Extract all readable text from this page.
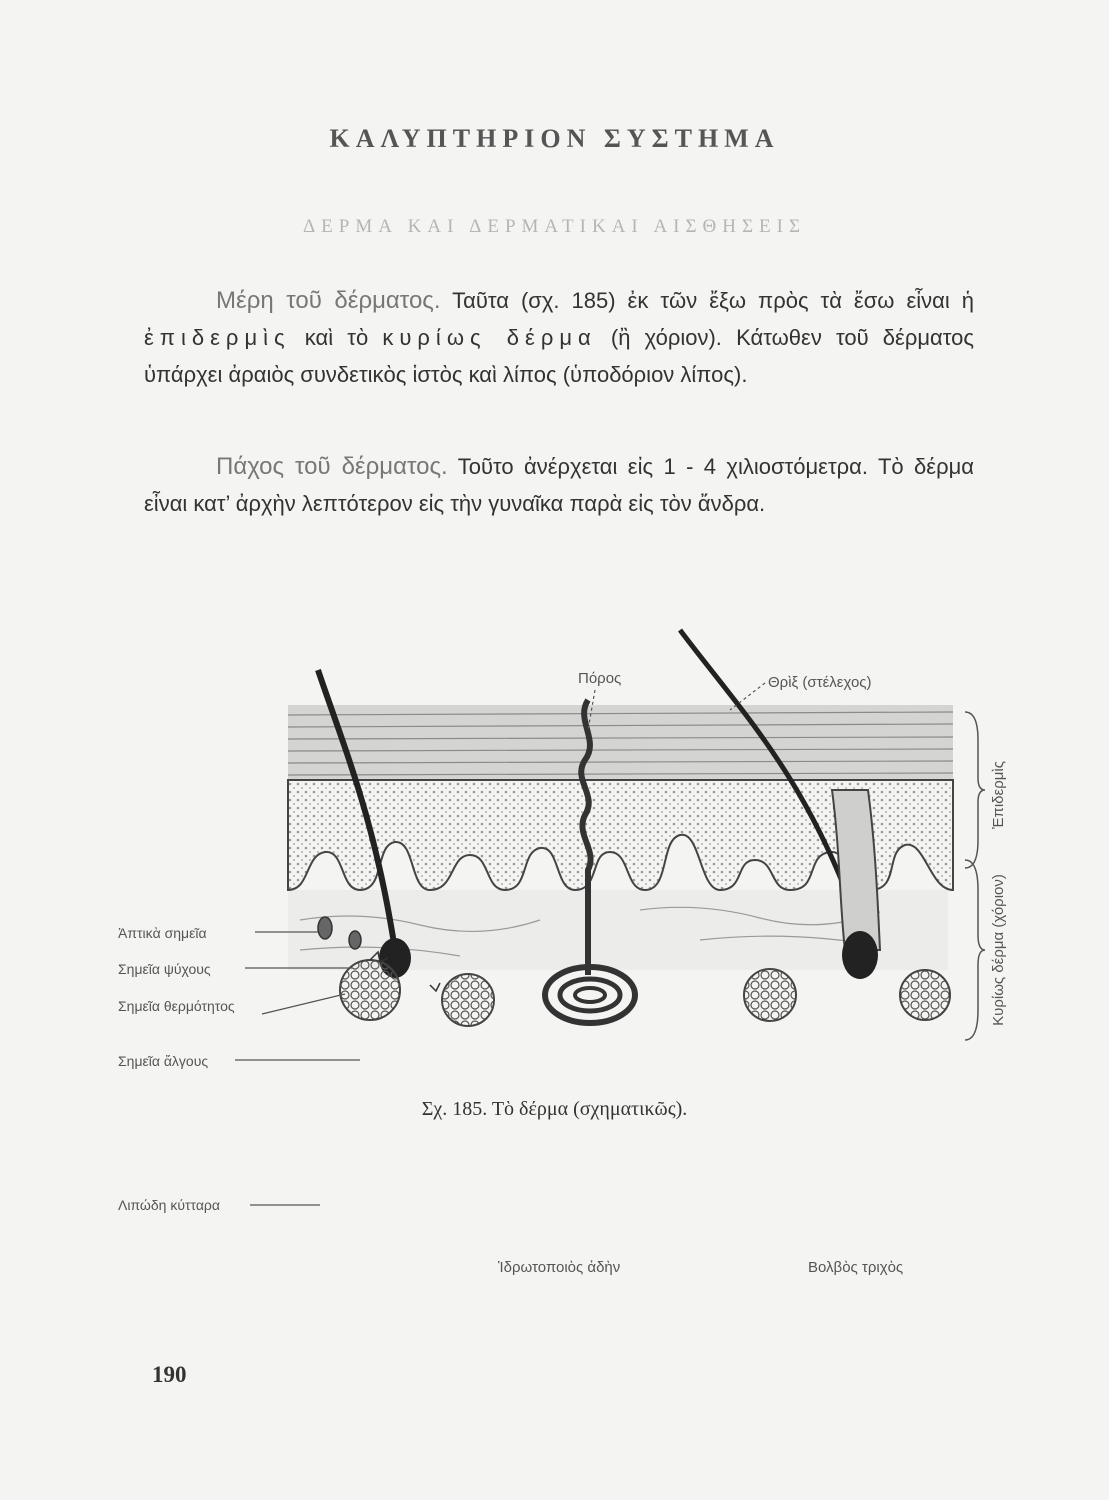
ΚΑΛΥΠΤΗΡΙΟΝ ΣΥΣΤΗΜΑ
ΔΕΡΜΑ ΚΑΙ ΔΕΡΜΑΤΙΚΑΙ ΑΙΣΘΗΣΕΙΣ
Μέρη τοῦ δέρματος. Ταῦτα (σχ. 185) ἐκ τῶν ἔξω πρὸς τὰ ἔσω εἶναι ἡ ἐπιδερμὶς καὶ τὸ κυρίως δέρμα (ἢ χόριον). Κάτωθεν τοῦ δέρματος ὑπάρχει ἀραιὸς συνδετικὸς ἱστὸς καὶ λίπος (ὑποδόριον λίπος).
Πάχος τοῦ δέρματος. Τοῦτο ἀνέρχεται εἰς 1 - 4 χιλιοστόμετρα. Τὸ δέρμα εἶναι κατ’ ἀρχὴν λεπτότερον εἰς τὴν γυναῖκα παρὰ εἰς τὸν ἄνδρα.
Πόρος	Θρὶξ (στέλεχος)
Ἀπτικὰ σημεῖα
Σημεῖα ψύχους
Σημεῖα θερμότητος
Σημεῖα ἄλγους
Λιπώδη κύτταρα
Ἱδρωτοποιὸς ἀδὴν	Βολβὸς τριχὸς
Ἐπιδερμὶς
Κυρίως δέρμα (χόριον)
Σχ. 185. Τὸ δέρμα (σχηματικῶς).
190
